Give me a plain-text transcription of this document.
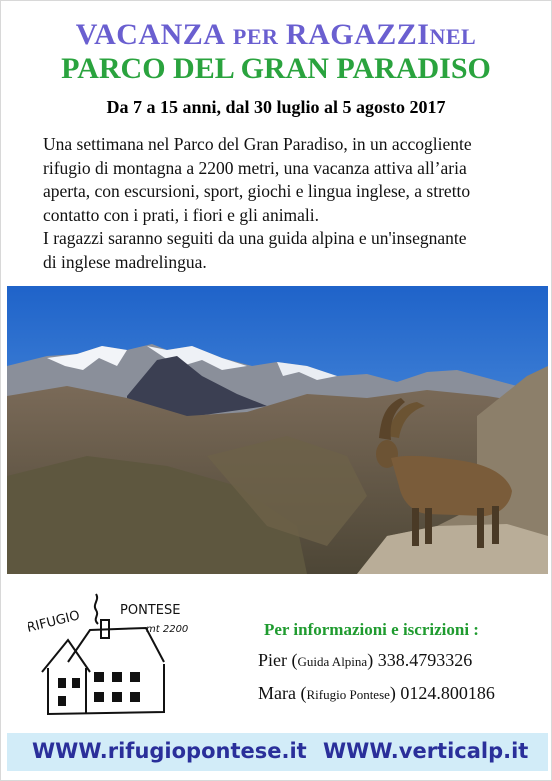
VACANZA PER RAGAZZINEL
PARCO DEL GRAN PARADISO
Da 7 a 15 anni, dal 30 luglio al 5 agosto 2017
Una settimana nel Parco del Gran Paradiso, in un accogliente
rifugio di montagna a 2200 metri, una vacanza attiva all’aria
aperta, con escursioni, sport, giochi e lingua inglese, a stretto
contatto con i prati, i fiori e gli animali.
I ragazzi saranno seguiti da una guida alpina e un'insegnante
di inglese madrelingua.
RIFUGIO	PONTESE
mt 2200	Per informazioni e iscrizioni :
Pier (Guida Alpina) 338.4793326
Mara (Rifugio Pontese) 0124.800186
WWW.rifugiopontese.it WWW.verticalp.it
